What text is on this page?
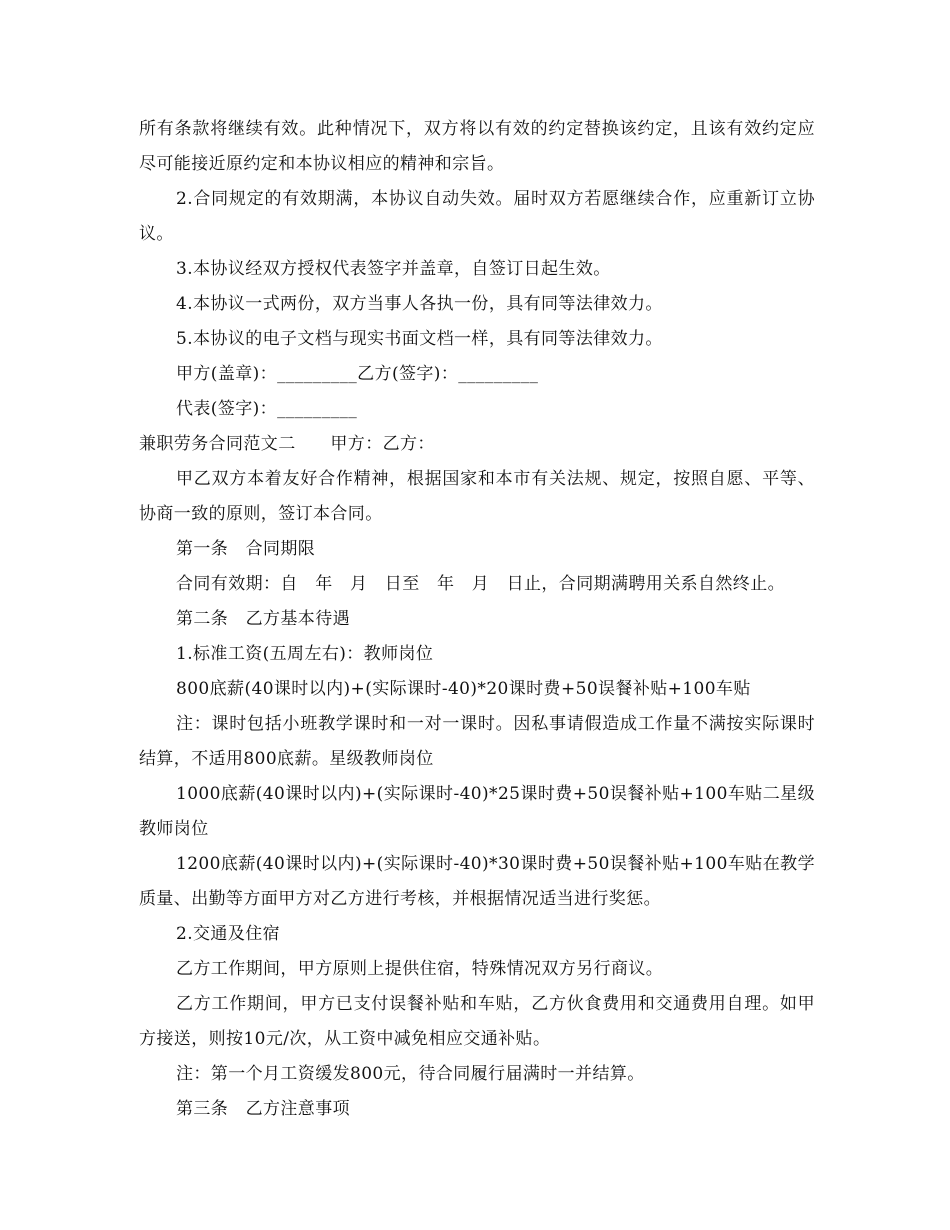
所有条款将继续有效。此种情况下，双方将以有效的约定替换该约定，且该有效约定应尽可能接近原约定和本协议相应的精神和宗旨。

2.合同规定的有效期满，本协议自动失效。届时双方若愿继续合作，应重新订立协议。

3.本协议经双方授权代表签字并盖章，自签订日起生效。

4.本协议一式两份，双方当事人各执一份，具有同等法律效力。

5.本协议的电子文档与现实书面文档一样，具有同等法律效力。

甲方(盖章)：_________乙方(签字)：_________

代表(签字)：_________

兼职劳务合同范文二　　甲方：乙方：

甲乙双方本着友好合作精神，根据国家和本市有关法规、规定，按照自愿、平等、协商一致的原则，签订本合同。

第一条　合同期限

合同有效期：自　年　月　日至　年　月　日止，合同期满聘用关系自然终止。

第二条　乙方基本待遇

1.标准工资(五周左右)：教师岗位

800底薪(40课时以内)+(实际课时-40)*20课时费+50误餐补贴+100车贴

注：课时包括小班教学课时和一对一课时。因私事请假造成工作量不满按实际课时结算，不适用800底薪。星级教师岗位

1000底薪(40课时以内)+(实际课时-40)*25课时费+50误餐补贴+100车贴二星级教师岗位

1200底薪(40课时以内)+(实际课时-40)*30课时费+50误餐补贴+100车贴在教学质量、出勤等方面甲方对乙方进行考核，并根据情况适当进行奖惩。

2.交通及住宿

乙方工作期间，甲方原则上提供住宿，特殊情况双方另行商议。

乙方工作期间，甲方已支付误餐补贴和车贴，乙方伙食费用和交通费用自理。如甲方接送，则按10元/次，从工资中减免相应交通补贴。

注：第一个月工资缓发800元，待合同履行届满时一并结算。

第三条　乙方注意事项
